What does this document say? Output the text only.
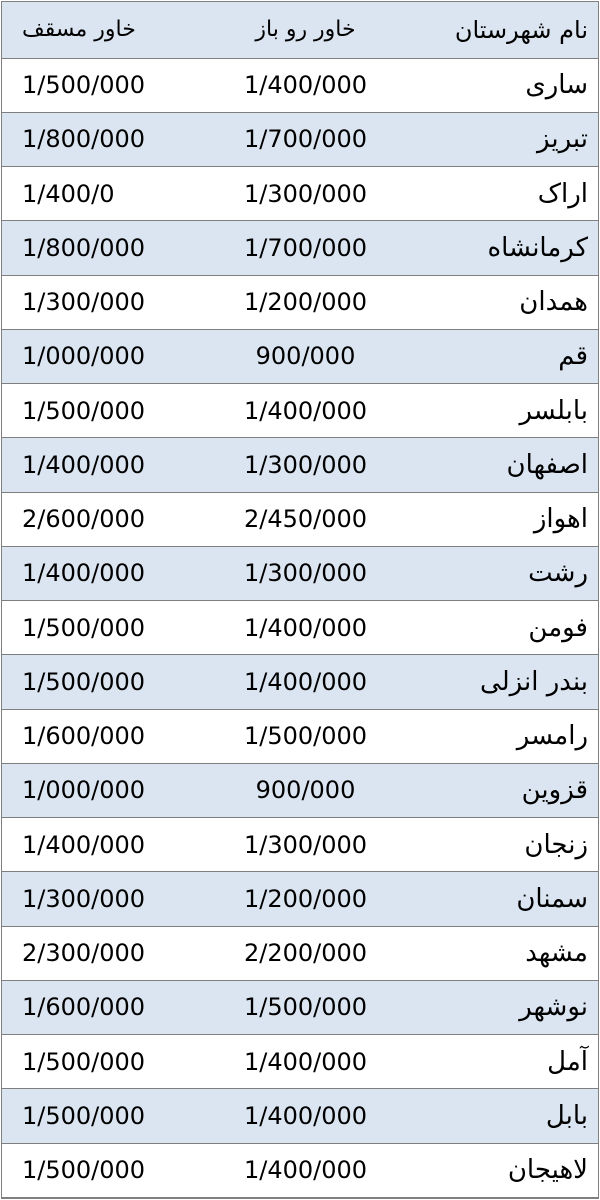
خاور مسقف	خاور رو باز	نام شهرستان
1/500/000	1/400/000	ساری
1/800/000	1/700/000	تبریز
1/400/0	1/300/000	اراک
1/800/000	1/700/000	کرمانشاه
1/300/000	1/200/000	همدان
1/000/000	900/000	قم
1/500/000	1/400/000	بابلسر
1/400/000	1/300/000	اصفهان
2/600/000	2/450/000	اهواز
1/400/000	1/300/000	رشت
1/500/000	1/400/000	فومن
1/500/000	1/400/000	بندر انزلی
1/600/000	1/500/000	رامسر
1/000/000	900/000	قزوین
1/400/000	1/300/000	زنجان
1/300/000	1/200/000	سمنان
2/300/000	2/200/000	مشهد
1/600/000	1/500/000	نوشهر
1/500/000	1/400/000	آمل
1/500/000	1/400/000	بابل
1/500/000	1/400/000	لاهیجان
